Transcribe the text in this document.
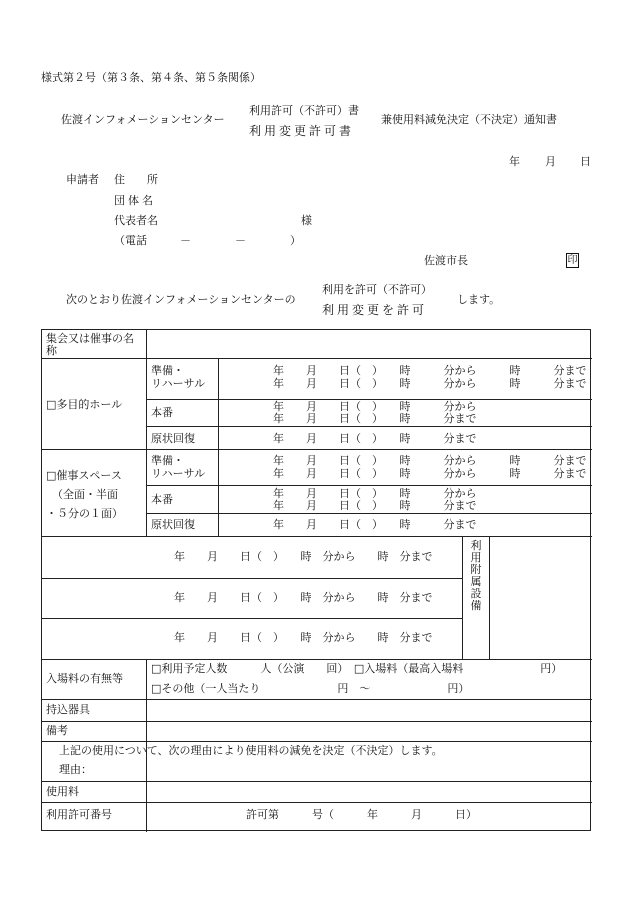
様式第２号（第３条、第４条、第５条関係）
佐渡インフォメーションセンター
利用許可（不許可）書
利用変更許可書
兼使用料減免決定（不決定）通知書
年 月 日
申請者 住　　所
団体名
代表者名	様
（電話　　　－　　　　－　　　　）
佐渡市長	印
次のとおり佐渡インフォメーションセンターの
利用を許可（不許可）
利用変更を許可
します。
集会又は催事の名称
□多目的ホール
準備・
リハーサル
年　　月　　日（　）　　時　　　分から　　　時　　　分まで
年　　月　　日（　）　　時　　　分から　　　時　　　分まで
本番	年　　月　　日（　）　　時　　　分から
年　　月　　日（　）　　時　　　分まで
原状回復	年　　月　　日（　）　　時　　　分まで
□催事スペース
（全面・半面
・５分の１面）
準備・
リハーサル
年　　月　　日（　）　　時　　　分から　　　時　　　分まで
年　　月　　日（　）　　時　　　分から　　　時　　　分まで
本番	年　　月　　日（　）　　時　　　分から
年　　月　　日（　）　　時　　　分まで
原状回復	年　　月　　日（　）　　時　　　分まで
年　　月　　日（　）　　時　分から　　時　分まで
年　　月　　日（　）　　時　分から　　時　分まで
年　　月　　日（　）　　時　分から　　時　分まで
利用附属設備
入場料の有無等
□利用予定人数　　　人（公演　　回）　□入場料（最高入場料　　　　　　　円）
□その他（一人当たり　　　　　　　円　～　　　　　　　円）
持込器具
備考
上記の使用について、次の理由により使用料の減免を決定（不決定）します。
理由：
使用料
利用許可番号	許可第　　　号（　　　年　　　月　　　日）
